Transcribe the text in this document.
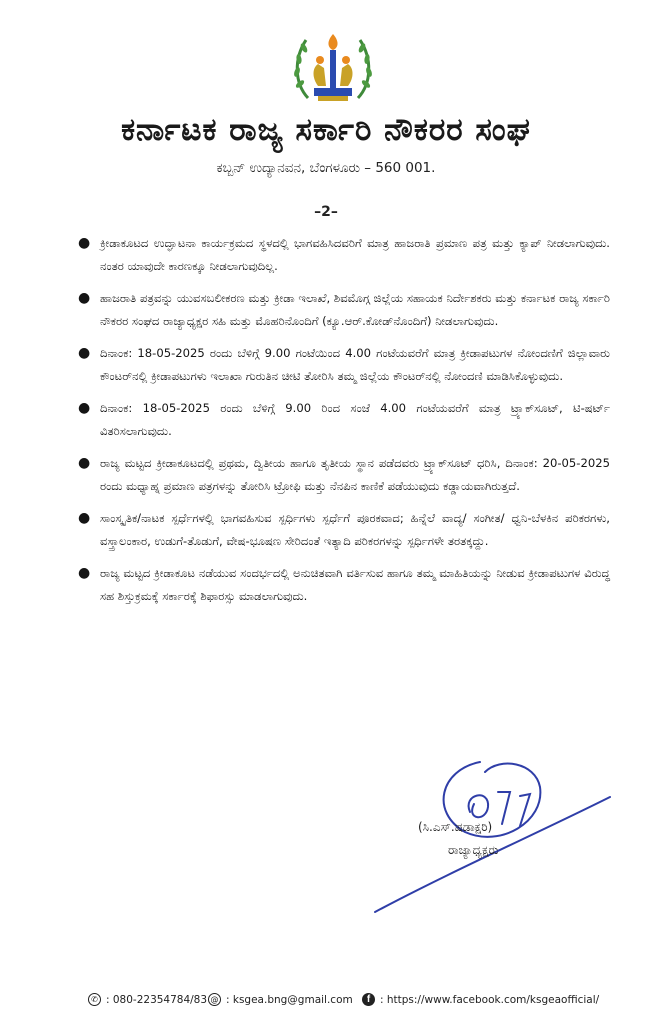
ಕರ್ನಾಟಕ ರಾಜ್ಯ ಸರ್ಕಾರಿ ನೌಕರರ ಸಂಘ

ಕಬ್ಬನ್ ಉದ್ಯಾನವನ, ಬೆಂಗಳೂರು – 560 001.

–2–
● ಕ್ರೀಡಾಕೂಟದ ಉದ್ಘಾಟನಾ ಕಾರ್ಯಕ್ರಮದ ಸ್ಥಳದಲ್ಲಿ ಭಾಗವಹಿಸಿದವರಿಗೆ ಮಾತ್ರ ಹಾಜರಾತಿ ಪ್ರಮಾಣ ಪತ್ರ ಮತ್ತು ಕ್ಯಾಪ್ ನೀಡಲಾಗುವುದು. ನಂತರ ಯಾವುದೇ ಕಾರಣಕ್ಕೂ ನೀಡಲಾಗುವುದಿಲ್ಲ.
● ಹಾಜರಾತಿ ಪತ್ರವನ್ನು ಯುವಸಬಲೀಕರಣ ಮತ್ತು ಕ್ರೀಡಾ ಇಲಾಖೆ, ಶಿವಮೊಗ್ಗ ಜಿಲ್ಲೆಯ ಸಹಾಯಕ ನಿರ್ದೇಶಕರು ಮತ್ತು ಕರ್ನಾಟಕ ರಾಜ್ಯ ಸರ್ಕಾರಿ ನೌಕರರ ಸಂಘದ ರಾಜ್ಯಾಧ್ಯಕ್ಷರ ಸಹಿ ಮತ್ತು ಮೊಹರಿನೊಂದಿಗೆ (ಕ್ಯೂ.ಆರ್.ಕೋಡ್‌ನೊಂದಿಗೆ) ನೀಡಲಾಗುವುದು.
● ದಿನಾಂಕ: 18-05-2025 ರಂದು ಬೆಳಿಗ್ಗೆ 9.00 ಗಂಟೆಯಿಂದ 4.00 ಗಂಟೆಯವರೆಗೆ ಮಾತ್ರ ಕ್ರೀಡಾಪಟುಗಳ ನೋಂದಣಿಗೆ ಜಿಲ್ಲಾವಾರು ಕೌಂಟರ್‌ನಲ್ಲಿ ಕ್ರೀಡಾಪಟುಗಳು ಇಲಾಖಾ ಗುರುತಿನ ಚೀಟಿ ತೋರಿಸಿ ತಮ್ಮ ಜಿಲ್ಲೆಯ ಕೌಂಟರ್‌ನಲ್ಲಿ ನೋಂದಣಿ ಮಾಡಿಸಿಕೊಳ್ಳುವುದು.
● ದಿನಾಂಕ: 18-05-2025 ರಂದು ಬೆಳಿಗ್ಗೆ 9.00 ರಿಂದ ಸಂಜೆ 4.00 ಗಂಟೆಯವರೆಗೆ ಮಾತ್ರ ಟ್ರ್ಯಾಕ್‌ಸೂಟ್, ಟಿ-ಷರ್ಟ್ ವಿತರಿಸಲಾಗುವುದು.
● ರಾಜ್ಯ ಮಟ್ಟದ ಕ್ರೀಡಾಕೂಟದಲ್ಲಿ ಪ್ರಥಮ, ದ್ವಿತೀಯ ಹಾಗೂ ತೃತೀಯ ಸ್ಥಾನ ಪಡೆದವರು ಟ್ರ್ಯಾಕ್‌ಸೂಟ್ ಧರಿಸಿ, ದಿನಾಂಕ: 20-05-2025 ರಂದು ಮಧ್ಯಾಹ್ನ ಪ್ರಮಾಣ ಪತ್ರಗಳನ್ನು ತೋರಿಸಿ ಟ್ರೋಫಿ ಮತ್ತು ನೆನಪಿನ ಕಾಣಿಕೆ ಪಡೆಯುವುದು ಕಡ್ಡಾಯವಾಗಿರುತ್ತದೆ.
● ಸಾಂಸ್ಕೃತಿಕ/ನಾಟಕ ಸ್ಪರ್ಧೆಗಳಲ್ಲಿ ಭಾಗವಹಿಸುವ ಸ್ಪರ್ಧಿಗಳು ಸ್ಪರ್ಧೆಗೆ ಪೂರಕವಾದ; ಹಿನ್ನೆಲೆ ವಾದ್ಯ/ ಸಂಗೀತ/ ಧ್ವನಿ-ಬೆಳಕಿನ ಪರಿಕರಗಳು, ವಸ್ತ್ರಾಲಂಕಾರ, ಉಡುಗೆ-ತೊಡುಗೆ, ವೇಷ-ಭೂಷಣ ಸೇರಿದಂತೆ ಇತ್ಯಾದಿ ಪರಿಕರಗಳನ್ನು ಸ್ಪರ್ಧಿಗಳೇ ತರತಕ್ಕದ್ದು.
● ರಾಜ್ಯ ಮಟ್ಟದ ಕ್ರೀಡಾಕೂಟ ನಡೆಯುವ ಸಂದರ್ಭದಲ್ಲಿ ಅನುಚಿತವಾಗಿ ವರ್ತಿಸುವ ಹಾಗೂ ತಮ್ಮ ಮಾಹಿತಿಯನ್ನು ನೀಡುವ ಕ್ರೀಡಾಪಟುಗಳ ವಿರುದ್ಧ ಸಹ ಶಿಸ್ತುಕ್ರಮಕ್ಕೆ ಸರ್ಕಾರಕ್ಕೆ ಶಿಫಾರಸ್ಸು ಮಾಡಲಾಗುವುದು.
(ಸಿ.ಎಸ್.ಷಡಾಕ್ಷರಿ)
ರಾಜ್ಯಾಧ್ಯಕ್ಷರು
✆ : 080-22354784/83 @ : ksgea.bng@gmail.com	f : https://www.facebook.com/ksgeaofficial/
